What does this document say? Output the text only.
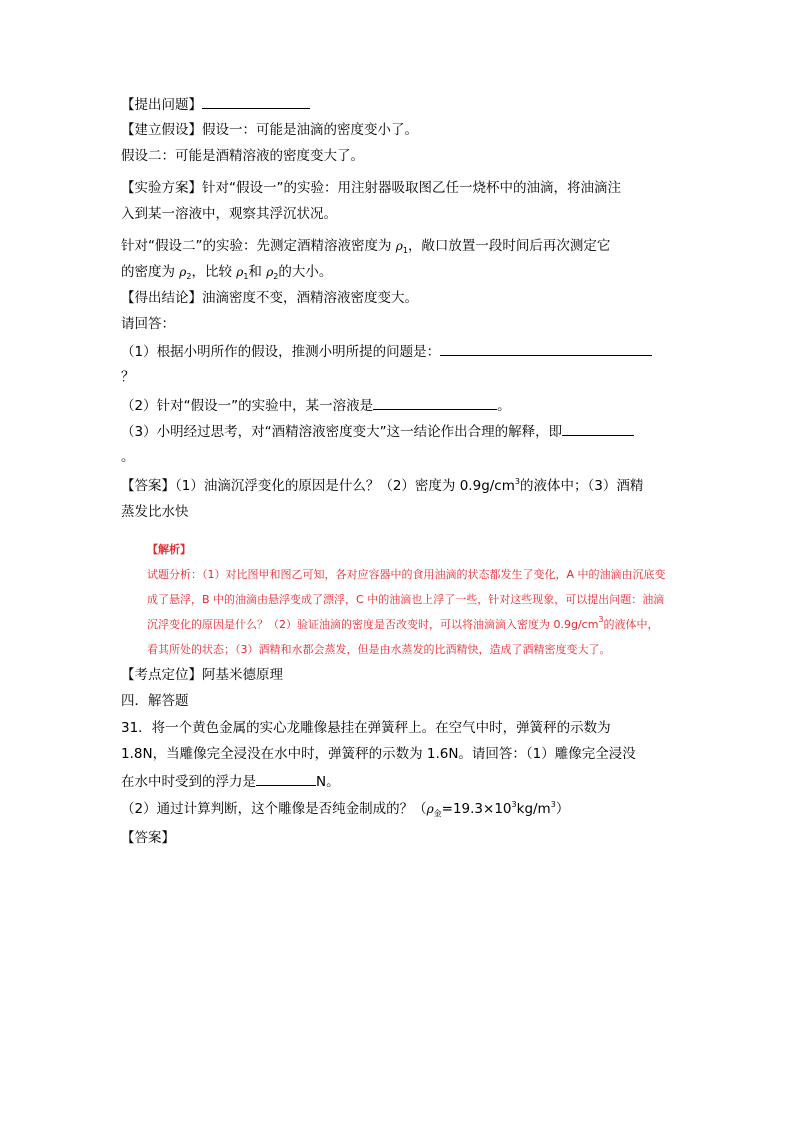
【提出问题】
【建立假设】假设一：可能是油滴的密度变小了。
假设二：可能是酒精溶液的密度变大了。
【实验方案】针对“假设一”的实验：用注射器吸取图乙任一烧杯中的油滴，将油滴注
入到某一溶液中，观察其浮沉状况。
针对“假设二”的实验：先测定酒精溶液密度为 $\rho_1$，敞口放置一段时间后再次测定它
的密度为 $\rho_2$，比较 $\rho_1$和 $\rho_2$的大小。
【得出结论】油滴密度不变，酒精溶液密度变大。
请回答：
（1）根据小明所作的假设，推测小明所提的问题是：
？
（2）针对“假设一”的实验中，某一溶液是	。
（3）小明经过思考，对“酒精溶液密度变大”这一结论作出合理的解释，即
。
【答案】（1）油滴沉浮变化的原因是什么？（2）密度为 $0.9g/cm^3$的液体中；（3）酒精
蒸发比水快
【解析】
试题分析：（1）对比图甲和图乙可知，各对应容器中的食用油滴的状态都发生了变化，A 中的油滴由沉底变
成了悬浮，B 中的油滴由悬浮变成了漂浮，C 中的油滴也上浮了一些，针对这些现象，可以提出问题：油滴
沉浮变化的原因是什么？（2）验证油滴的密度是否改变时，可以将油滴滴入密度为 $0.9g/cm^3$的液体中，
看其所处的状态；（3）酒精和水都会蒸发，但是由水蒸发的比酒精快，造成了酒精密度变大了。
【考点定位】阿基米德原理
四．解答题
31．将一个黄色金属的实心龙雕像悬挂在弹簧秤上。在空气中时，弹簧秤的示数为
1.8N，当雕像完全浸没在水中时，弹簧秤的示数为 1.6N。请回答：（1）雕像完全浸没
在水中时受到的浮力是	N。
（2）通过计算判断，这个雕像是否纯金制成的？$(\rho_金=19.3\times 10^3kg/m^3)$
【答案】
